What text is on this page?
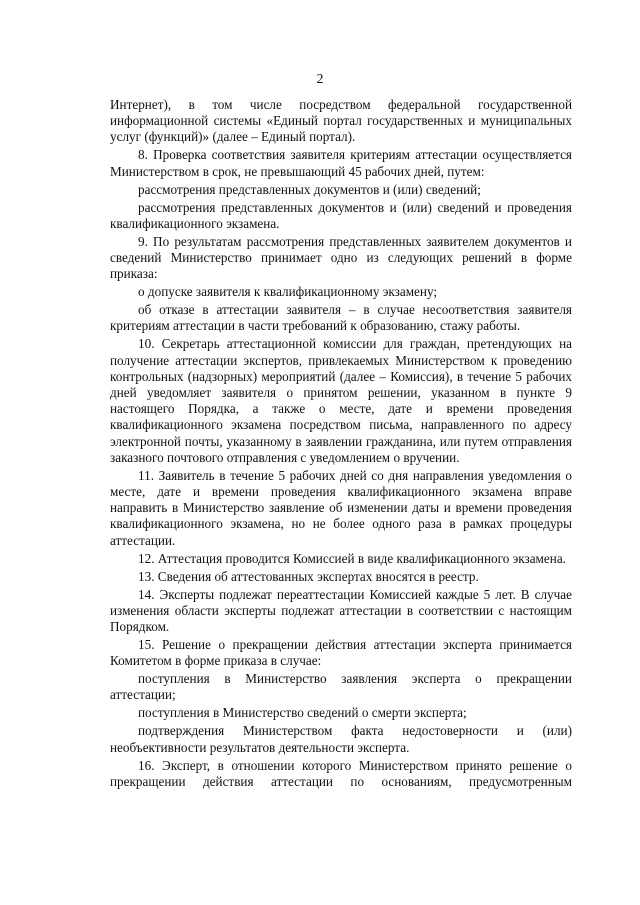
2

Интернет), в том числе посредством федеральной государственной информационной системы «Единый портал государственных и муниципальных услуг (функций)» (далее – Единый портал).

8. Проверка соответствия заявителя критериям аттестации осуществляется Министерством в срок, не превышающий 45 рабочих дней, путем:

рассмотрения представленных документов и (или) сведений;

рассмотрения представленных документов и (или) сведений и проведения квалификационного экзамена.

9. По результатам рассмотрения представленных заявителем документов и сведений Министерство принимает одно из следующих решений в форме приказа:

о допуске заявителя к квалификационному экзамену;

об отказе в аттестации заявителя – в случае несоответствия заявителя критериям аттестации в части требований к образованию, стажу работы.

10. Секретарь аттестационной комиссии для граждан, претендующих на получение аттестации экспертов, привлекаемых Министерством к проведению контрольных (надзорных) мероприятий (далее – Комиссия), в течение 5 рабочих дней уведомляет заявителя о принятом решении, указанном в пункте 9 настоящего Порядка, а также о месте, дате и времени проведения квалификационного экзамена посредством письма, направленного по адресу электронной почты, указанному в заявлении гражданина, или путем отправления заказного почтового отправления с уведомлением о вручении.

11. Заявитель в течение 5 рабочих дней со дня направления уведомления о месте, дате и времени проведения квалификационного экзамена вправе направить в Министерство заявление об изменении даты и времени проведения квалификационного экзамена, но не более одного раза в рамках процедуры аттестации.

12. Аттестация проводится Комиссией в виде квалификационного экзамена.

13. Сведения об аттестованных экспертах вносятся в реестр.

14. Эксперты подлежат переаттестации Комиссией каждые 5 лет. В случае изменения области эксперты подлежат аттестации в соответствии с настоящим Порядком.

15. Решение о прекращении действия аттестации эксперта принимается Комитетом в форме приказа в случае:

поступления в Министерство заявления эксперта о прекращении аттестации;

поступления в Министерство сведений о смерти эксперта;

подтверждения Министерством факта недостоверности и (или) необъективности результатов деятельности эксперта.

16. Эксперт, в отношении которого Министерством принято решение о прекращении действия аттестации по основаниям, предусмотренным
